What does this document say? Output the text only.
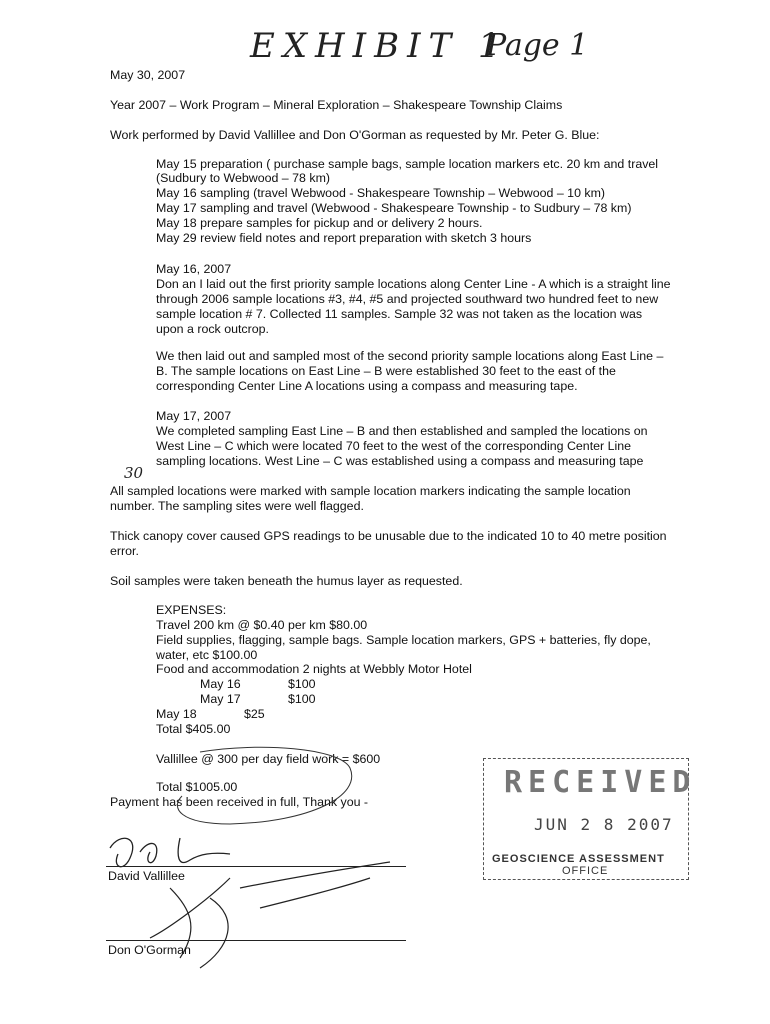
EXHIBIT 1
Page 1
May 30, 2007
Year 2007 – Work Program – Mineral Exploration – Shakespeare Township Claims
Work performed by David Vallillee and Don O'Gorman as requested by Mr. Peter G. Blue:
May 15 preparation ( purchase sample bags, sample location markers etc. 20 km and travel
(Sudbury to Webwood – 78 km)
May 16 sampling (travel Webwood - Shakespeare Township – Webwood – 10 km)
May 17 sampling and travel (Webwood - Shakespeare Township - to Sudbury – 78 km)
May 18 prepare samples for pickup and or delivery 2 hours.
May 29 review field notes and report preparation with sketch 3 hours
May 16, 2007
Don an I laid out the first priority sample locations along Center Line - A which is a straight line
through 2006 sample locations #3, #4, #5 and projected southward two hundred feet to new
sample location # 7. Collected 11 samples. Sample 32 was not taken as the location was
upon a rock outcrop.
We then laid out and sampled most of the second priority sample locations along East Line –
B. The sample locations on East Line – B were established 30 feet to the east of the
corresponding Center Line A locations using a compass and measuring tape.
May 17, 2007
We completed sampling East Line – B and then established and sampled the locations on
West Line – C which were located 70 feet to the west of the corresponding Center Line
sampling locations. West Line – C was established using a compass and measuring tape
30
All sampled locations were marked with sample location markers indicating the sample location
number. The sampling sites were well flagged.
Thick canopy cover caused GPS readings to be unusable due to the indicated 10 to 40 metre position
error.
Soil samples were taken beneath the humus layer as requested.
EXPENSES:
Travel 200 km @ $0.40 per km $80.00
Field supplies, flagging, sample bags. Sample location markers, GPS + batteries, fly dope,
water, etc $100.00
Food and accommodation 2 nights at Webbly Motor Hotel
May 16	$100
May 17	$100
May 18	$25
Total $405.00
Vallillee @ 300 per day field work = $600
Total $1005.00
Payment has been received in full, Thank you -
David Vallillee
Don O'Gorman
RECEIVED
JUN 2 8 2007
GEOSCIENCE ASSESSMENT
OFFICE
